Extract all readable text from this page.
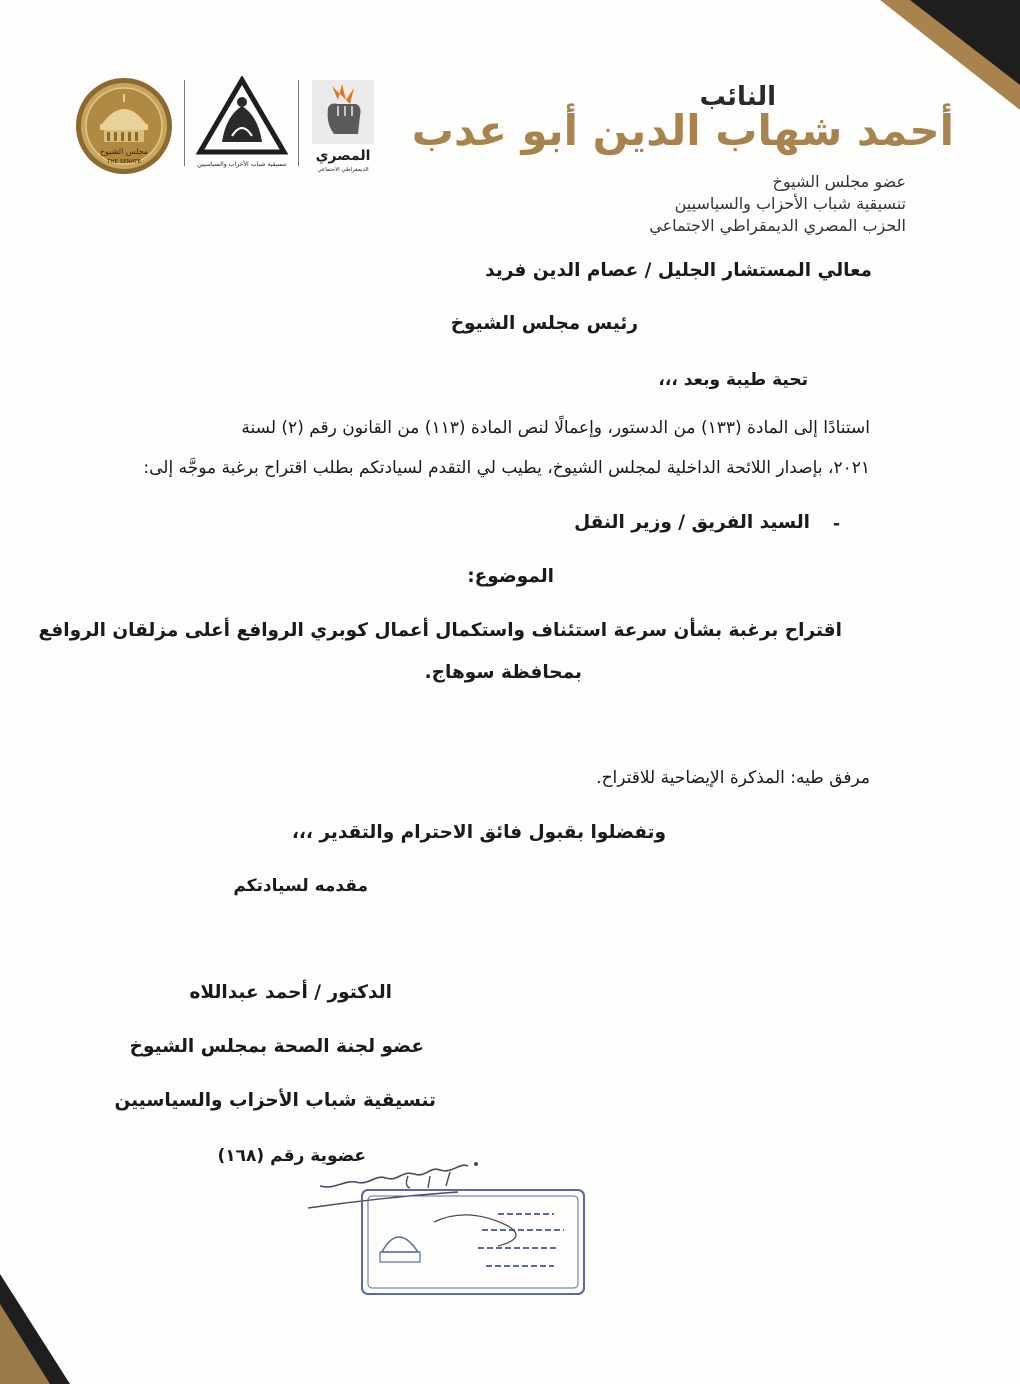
مجلس الشيوخ
THE SENATE	تنسيقية شباب الأحزاب والسياسيين
المصري
الديمقراطي الاجتماعي
النائب
أحمد شهاب الدين أبو عدب
عضو مجلس الشيوخ
تنسيقية شباب الأحزاب والسياسيين
الحزب المصري الديمقراطي الاجتماعي
معالي المستشار الجليل / عصام الدين فريد
رئيس مجلس الشيوخ
تحية طيبة وبعد ،،،
استنادًا إلى المادة (١٣٣) من الدستور، وإعمالًا لنص المادة (١١٣) من القانون رقم (٢) لسنة
٢٠٢١، بإصدار اللائحة الداخلية لمجلس الشيوخ، يطيب لي التقدم لسيادتكم بطلب اقتراح برغبة موجَّه إلى:
-
السيد الفريق / وزير النقل
الموضوع:
اقتراح برغبة بشأن سرعة استئناف واستكمال أعمال كوبري الروافع أعلى مزلقان الروافع
بمحافظة سوهاج.
مرفق طيه: المذكرة الإيضاحية للاقتراح.
وتفضلوا بقبول فائق الاحترام والتقدير ،،،
مقدمه لسيادتكم
الدكتور / أحمد عبداللاه
عضو لجنة الصحة بمجلس الشيوخ
تنسيقية شباب الأحزاب والسياسيين
عضوية رقم (١٦٨)
